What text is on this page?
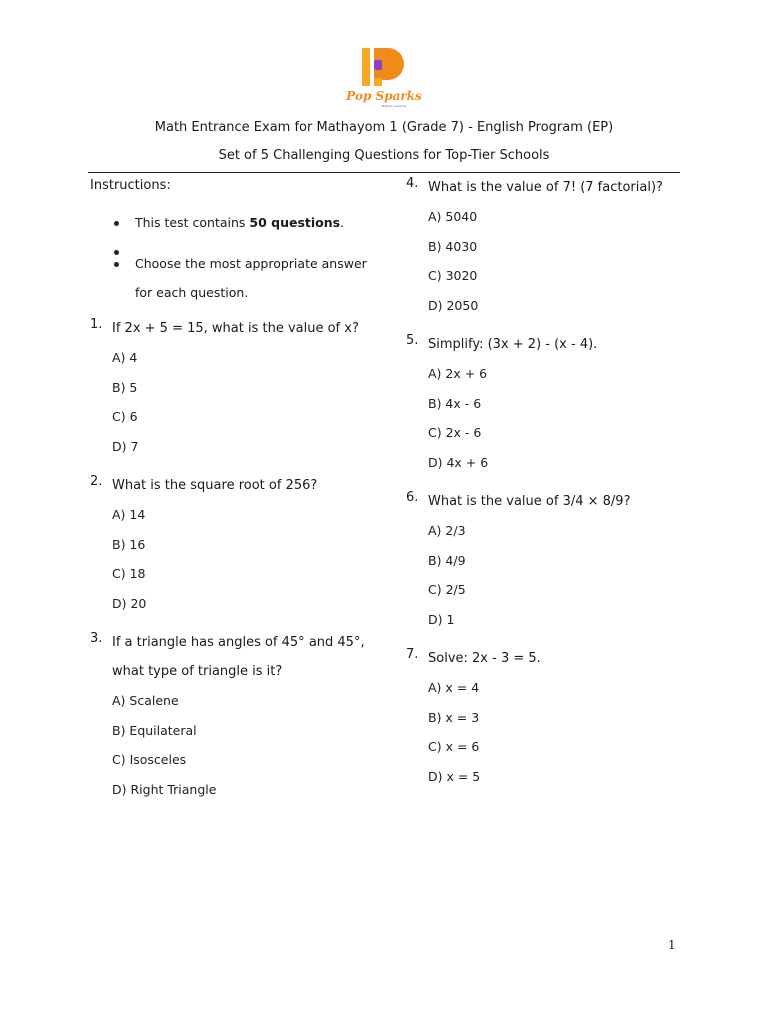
Pop Sparks
English Learning
Math Entrance Exam for Mathayom 1 (Grade 7) - English Program (EP)
Set of 5 Challenging Questions for Top-Tier Schools
Instructions:
This test contains 50 questions.
Choose the most appropriate answer
for each question.
1. If 2x + 5 = 15, what is the value of x?
A) 4
B) 5
C) 6
D) 7
2. What is the square root of 256?
A) 14
B) 16
C) 18
D) 20
3. If a triangle has angles of 45° and 45°,
what type of triangle is it?
A) Scalene
B) Equilateral
C) Isosceles
D) Right Triangle
4. What is the value of 7! (7 factorial)?
A) 5040
B) 4030
C) 3020
D) 2050
5. Simplify: (3x + 2) - (x - 4).
A) 2x + 6
B) 4x - 6
C) 2x - 6
D) 4x + 6
6. What is the value of 3/4 × 8/9?
A) 2/3
B) 4/9
C) 2/5
D) 1
7. Solve: 2x - 3 = 5.
A) x = 4
B) x = 3
C) x = 6
D) x = 5
1
